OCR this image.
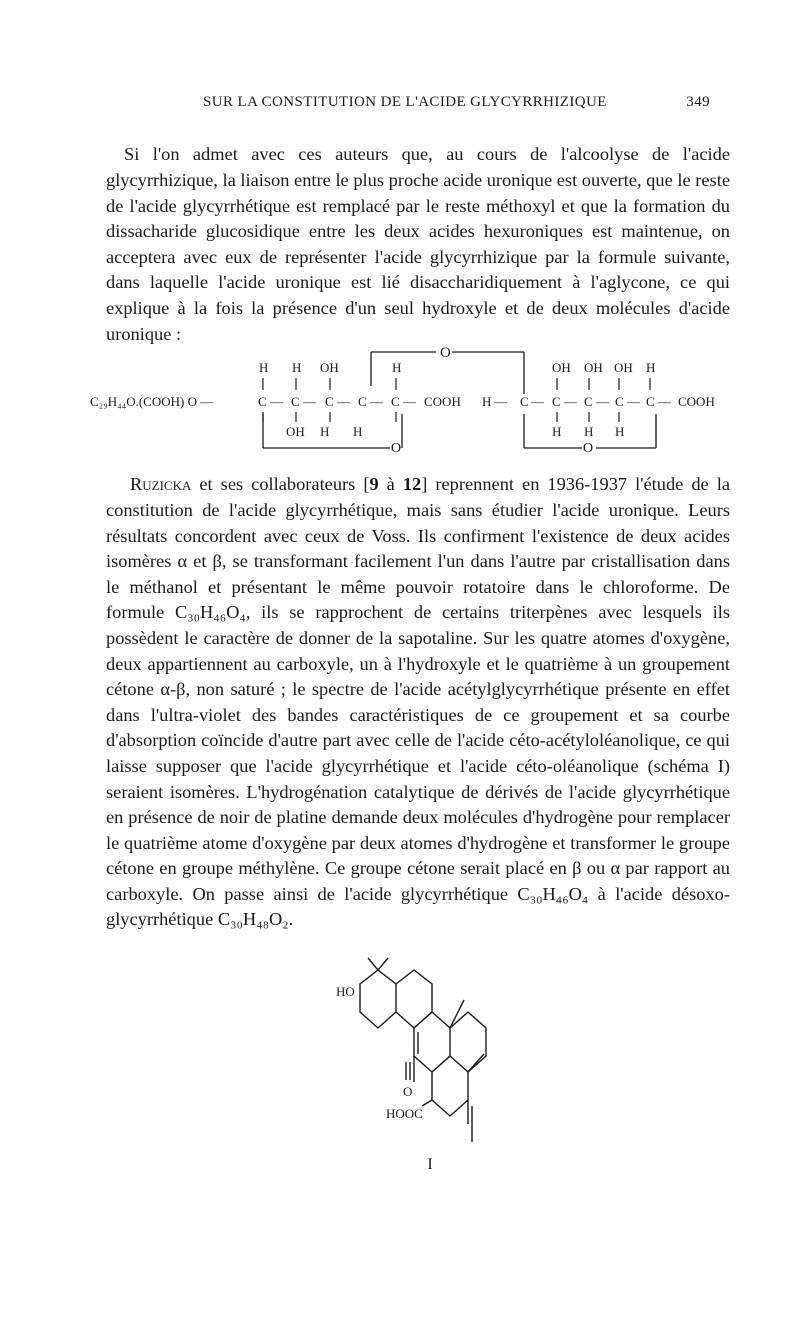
SUR LA CONSTITUTION DE L'ACIDE GLYCYRRHIZIQUE	349

Si l'on admet avec ces auteurs que, au cours de l'alcoolyse de l'acide glycyrrhizique, la liaison entre le plus proche acide uronique est ouverte, que le reste de l'acide glycyrrhétique est remplacé par le reste méthoxyl et que la formation du dissacharide glucosidique entre les deux acides hexuroniques est maintenue, on acceptera avec eux de représenter l'acide glycyrrhizique par la formule suivante, dans laquelle l'acide uronique est lié disaccharidiquement à l'aglycone, ce qui explique à la fois la présence d'un seul hydroxyle et de deux molécules d'acide uronique :

O
H H OH	H	OH OH OH H
C₂₉H₄₄O.(COOH) O —	C — C — C — C — C — COOH H — C — C — C — C — C — COOH
OH H H	H H H
O	O

Ruzicka et ses collaborateurs [9 à 12] reprennent en 1936-1937 l'étude de la constitution de l'acide glycyrrhétique, mais sans étudier l'acide uronique. Leurs résultats concordent avec ceux de Voss. Ils confirment l'existence de deux acides isomères α et β, se transformant facilement l'un dans l'autre par cristallisation dans le méthanol et présentant le même pouvoir rotatoire dans le chloroforme. De formule C₃₀H₄₆O₄, ils se rapprochent de certains triterpènes avec lesquels ils possèdent le caractère de donner de la sapotaline. Sur les quatre atomes d'oxygène, deux appartiennent au carboxyle, un à l'hydroxyle et le quatrième à un groupement cétone α-β, non saturé ; le spectre de l'acide acétylglycyrrhétique présente en effet dans l'ultra-violet des bandes caractéristiques de ce groupement et sa courbe d'absorption coïncide d'autre part avec celle de l'acide céto-acétyloléanolique, ce qui laisse supposer que l'acide glycyrrhétique et l'acide céto-oléanolique (schéma I) seraient isomères. L'hydrogénation catalytique de dérivés de l'acide glycyrrhétique en présence de noir de platine demande deux molécules d'hydrogène pour remplacer le quatrième atome d'oxygène par deux atomes d'hydrogène et transformer le groupe cétone en groupe méthylène. Ce groupe cétone serait placé en β ou α par rapport au carboxyle. On passe ainsi de l'acide glycyrrhétique C₃₀H₄₆O₄ à l'acide désoxo-glycyrrhétique C₃₀H₄₈O₂.

HO
O
HOOC
I
